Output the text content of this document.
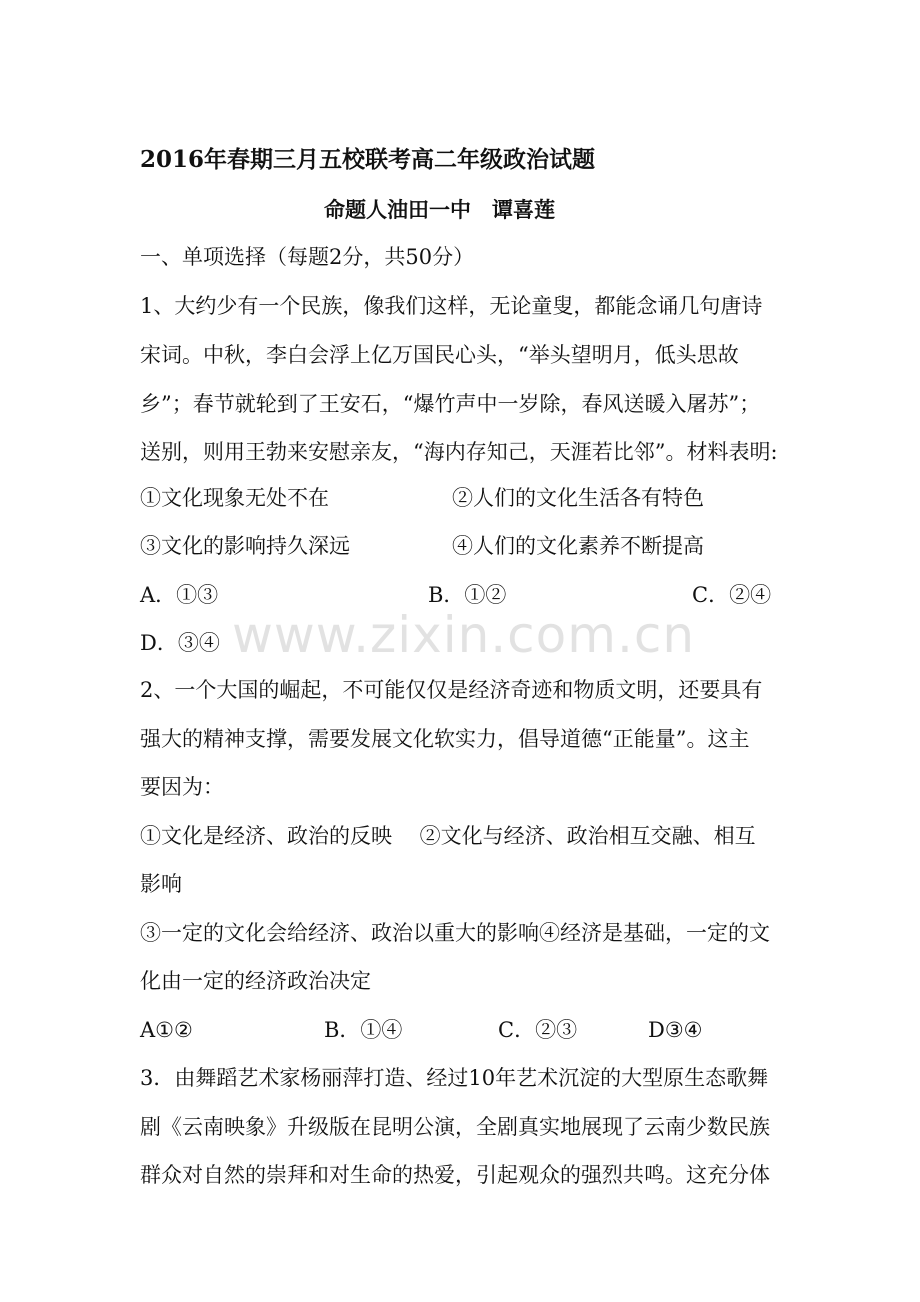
2016年春期三月五校联考高二年级政治试题
命题人油田一中　谭喜莲
一、单项选择（每题2分，共50分）
1、大约少有一个民族，像我们这样，无论童叟，都能念诵几句唐诗
宋词。中秋，李白会浮上亿万国民心头，“举头望明月，低头思故
乡”；春节就轮到了王安石，“爆竹声中一岁除，春风送暖入屠苏”；
送别，则用王勃来安慰亲友，“海内存知己，天涯若比邻”。材料表明:
①文化现象无处不在	②人们的文化生活各有特色
③文化的影响持久深远	④人们的文化素养不断提高
A．①③	B．①②	C．②④
D．③④ www.zixin.com.cn
2、一个大国的崛起，不可能仅仅是经济奇迹和物质文明，还要具有
强大的精神支撑，需要发展文化软实力，倡导道德“正能量”。这主
要因为：
①文化是经济、政治的反映　 ②文化与经济、政治相互交融、相互
影响
③一定的文化会给经济、政治以重大的影响④经济是基础，一定的文
化由一定的经济政治决定
A①②	B．①④	C．②③	D③④
3．由舞蹈艺术家杨丽萍打造、经过10年艺术沉淀的大型原生态歌舞
剧《云南映象》升级版在昆明公演，全剧真实地展现了云南少数民族
群众对自然的崇拜和对生命的热爱，引起观众的强烈共鸣。这充分体
